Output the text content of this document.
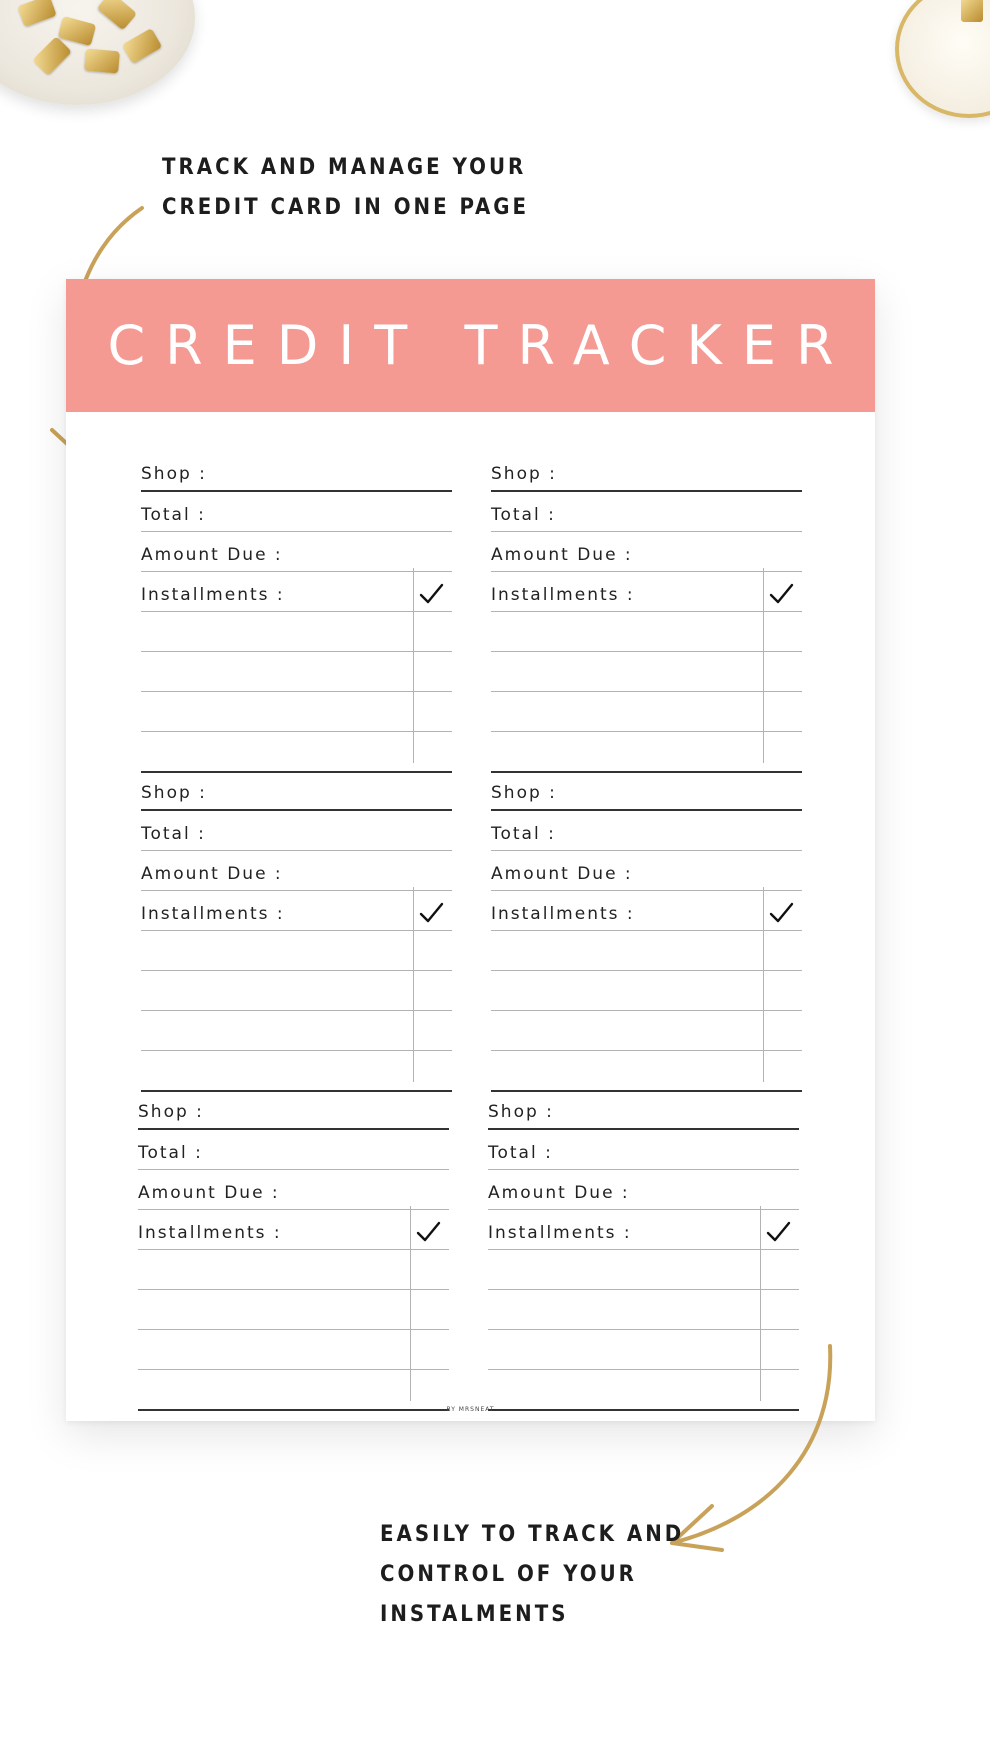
TRACK AND MANAGE YOUR
CREDIT CARD IN ONE PAGE
CREDIT TRACKER
Shop :
Total :
Amount Due :
Installments :
Shop :
Total :
Amount Due :
Installments :
Shop :
Total :
Amount Due :
Installments :
Shop :
Total :
Amount Due :
Installments :
Shop :
Total :
Amount Due :
Installments :
Shop :
Total :
Amount Due :
Installments :
BY MRSNEAT
EASILY TO TRACK AND
CONTROL OF YOUR
INSTALMENTS
